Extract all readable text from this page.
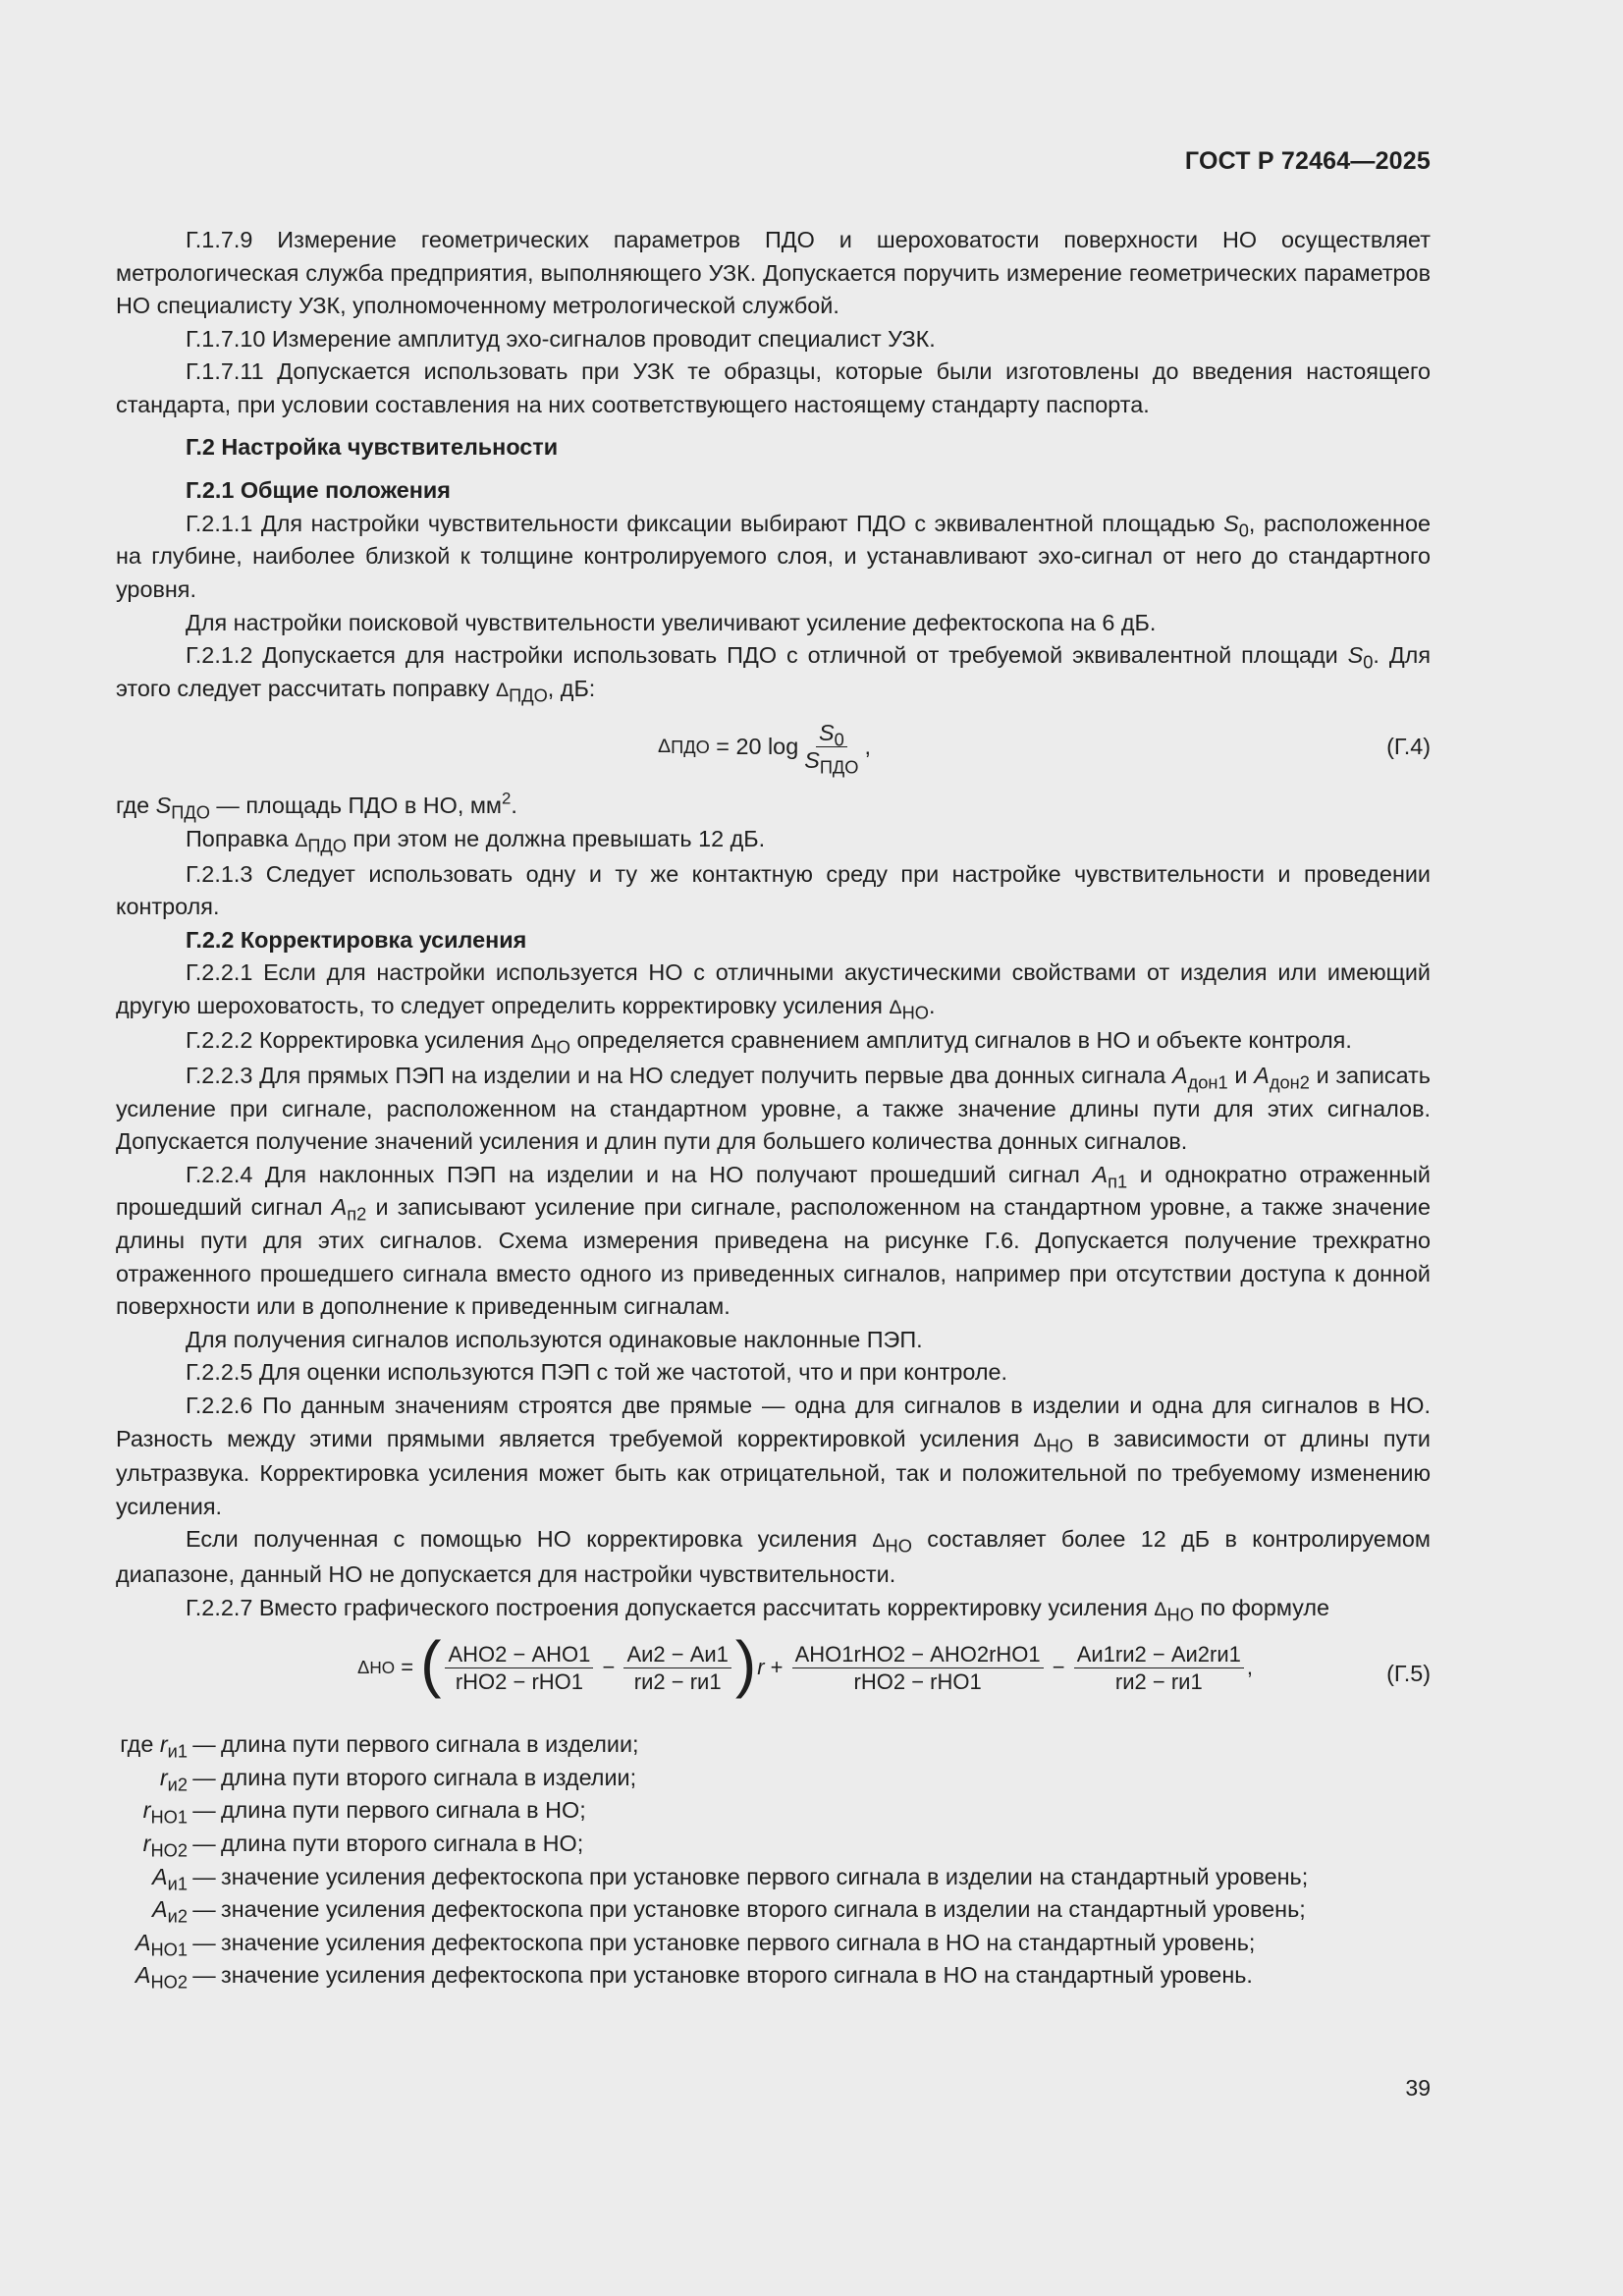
ГОСТ Р 72464—2025

Г.1.7.9 Измерение геометрических параметров ПДО и шероховатости поверхности НО осуществляет метрологическая служба предприятия, выполняющего УЗК. Допускается поручить измерение геометрических параметров НО специалисту УЗК, уполномоченному метрологической службой.

Г.1.7.10 Измерение амплитуд эхо-сигналов проводит специалист УЗК.

Г.1.7.11 Допускается использовать при УЗК те образцы, которые были изготовлены до введения настоящего стандарта, при условии составления на них соответствующего настоящему стандарту паспорта.

Г.2 Настройка чувствительности

Г.2.1 Общие положения

Г.2.1.1 Для настройки чувствительности фиксации выбирают ПДО с эквивалентной площадью $S_0$, расположенное на глубине, наиболее близкой к толщине контролируемого слоя, и устанавливают эхо-сигнал от него до стандартного уровня.

Для настройки поисковой чувствительности увеличивают усиление дефектоскопа на 6 дБ.

Г.2.1.2 Допускается для настройки использовать ПДО с отличной от требуемой эквивалентной площади $S_0$. Для этого следует рассчитать поправку $\Delta_{ПДО}$, дБ:

Δ ПДО = 20 $\log \frac{S_0}{S_{ПДО}}$ ,	(Г.4)

где $S_{ПДО}$ — площадь ПДО в НО, $мм^2$.

Поправка $\Delta_{ПДО}$ при этом не должна превышать 12 дБ.

Г.2.1.3 Следует использовать одну и ту же контактную среду при настройке чувствительности и проведении контроля.

Г.2.2 Корректировка усиления

Г.2.2.1 Если для настройки используется НО с отличными акустическими свойствами от изделия или имеющий другую шероховатость, то следует определить корректировку усиления $\Delta_{НО}$.

Г.2.2.2 Корректировка усиления $\Delta_{НО}$ определяется сравнением амплитуд сигналов в НО и объекте контроля.

Г.2.2.3 Для прямых ПЭП на изделии и на НО следует получить первые два донных сигнала $A_{дон1}$ и $A_{дон2}$ и записать усиление при сигнале, расположенном на стандартном уровне, а также значение длины пути для этих сигналов. Допускается получение значений усиления и длин пути для большего количества донных сигналов.

Г.2.2.4 Для наклонных ПЭП на изделии и на НО получают прошедший сигнал $A_{п1}$ и однократно отраженный прошедший сигнал $A_{п2}$ и записывают усиление при сигнале, расположенном на стандартном уровне, а также значение длины пути для этих сигналов. Схема измерения приведена на рисунке Г.6. Допускается получение трехкратно отраженного прошедшего сигнала вместо одного из приведенных сигналов, например при отсутствии доступа к донной поверхности или в дополнение к приведенным сигналам.

Для получения сигналов используются одинаковые наклонные ПЭП.

Г.2.2.5 Для оценки используются ПЭП с той же частотой, что и при контроле.

Г.2.2.6 По данным значениям строятся две прямые — одна для сигналов в изделии и одна для сигналов в НО. Разность между этими прямыми является требуемой корректировкой усиления $\Delta_{НО}$ в зависимости от длины пути ультразвука. Корректировка усиления может быть как отрицательной, так и положительной по требуемому изменению усиления.

Если полученная с помощью НО корректировка усиления $\Delta_{НО}$ составляет более 12 дБ в контролируемом диапазоне, данный НО не допускается для настройки чувствительности.

Г.2.2.7 Вместо графического построения допускается рассчитать корректировку усиления $\Delta_{НО}$ по формуле

Δ НО = ( $\frac{\text{AНО2 − AНО1}}{\text{rНО2 − rНО1}} - \frac{Aи2 - Aи1}{rи2 - rи1}$ ) $r + \frac{\text{AНО1rНО2 − AНО2rНО1}}{\text{rНО2 − rНО1}} - \frac{Aи1rи2 - Aи2rи1}{rи2 - rи1}$ ,	(Г.5)
где $r_{и1}$ — длина пути первого сигнала в изделии;
$r_{и2}$ — длина пути второго сигнала в изделии;
$r_{НО1}$ — длина пути первого сигнала в НО;
$r_{НО2}$ — длина пути второго сигнала в НО;
$A_{и1}$ — значение усиления дефектоскопа при установке первого сигнала в изделии на стандартный уровень;
$A_{и2}$ — значение усиления дефектоскопа при установке второго сигнала в изделии на стандартный уровень;
$A_{НО1}$ — значение усиления дефектоскопа при установке первого сигнала в НО на стандартный уровень;
$A_{НО2}$ — значение усиления дефектоскопа при установке второго сигнала в НО на стандартный уровень.
39
